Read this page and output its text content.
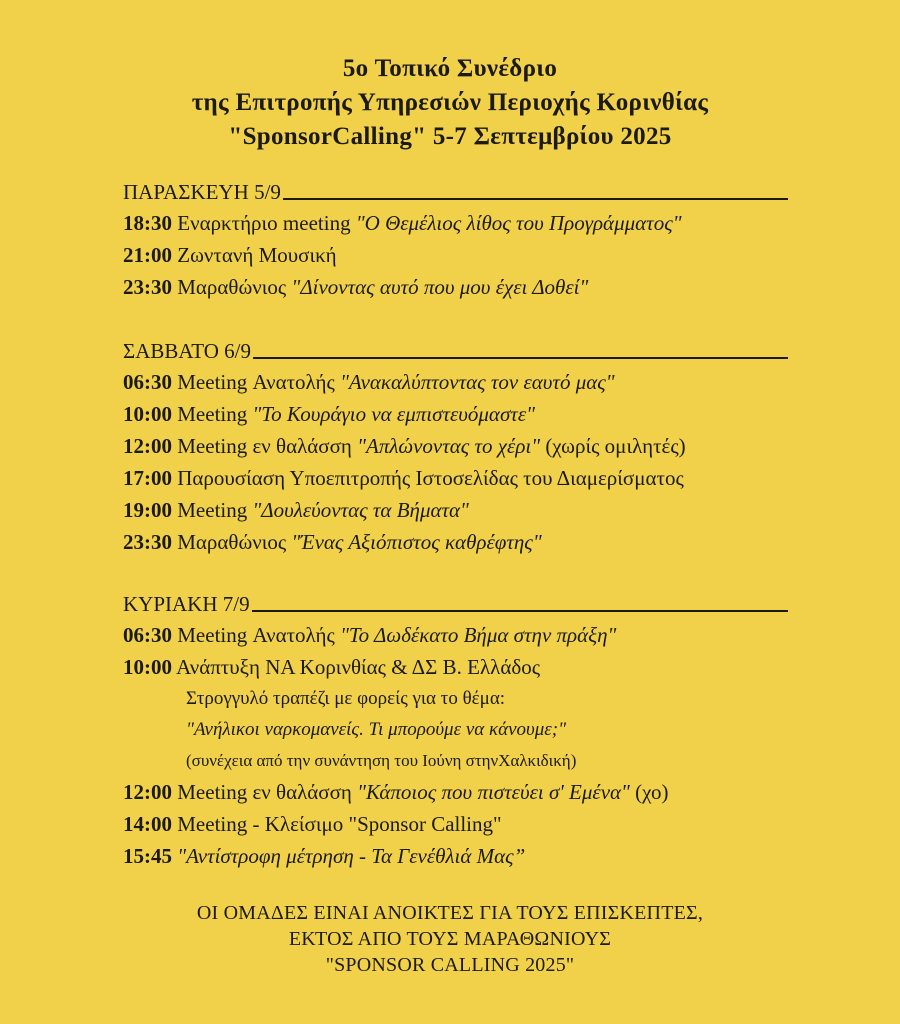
5ο Τοπικό Συνέδριο
της Επιτροπής Υπηρεσιών Περιοχής Κορινθίας
"SponsorCalling" 5-7 Σεπτεμβρίου 2025
ΠΑΡΑΣΚΕΥΗ 5/9
18:30 Εναρκτήριο meeting "Ο Θεμέλιος λίθος του Προγράμματος"
21:00 Ζωντανή Μουσική
23:30 Μαραθώνιος "Δίνοντας αυτό που μου έχει Δοθεί"
ΣΑΒΒΑΤΟ 6/9
06:30 Meeting Ανατολής "Ανακαλύπτοντας τον εαυτό μας"
10:00 Meeting "Το Κουράγιο να εμπιστευόμαστε"
12:00 Meeting εν θαλάσση "Απλώνοντας το χέρι" (χωρίς ομιλητές)
17:00 Παρουσίαση Υποεπιτροπής Ιστοσελίδας του Διαμερίσματος
19:00 Meeting "Δουλεύοντας τα Βήματα"
23:30 Μαραθώνιος "Ένας Αξιόπιστος καθρέφτης"
ΚΥΡΙΑΚΗ 7/9
06:30 Meeting Ανατολής "Το Δωδέκατο Βήμα στην πράξη"
10:00 Ανάπτυξη ΝΑ Κορινθίας & ΔΣ Β. Ελλάδος
Στρογγυλό τραπέζι με φορείς για το θέμα:
"Ανήλικοι ναρκομανείς. Τι μπορούμε να κάνουμε;"
(συνέχεια από την συνάντηση του Ιούνη στηνΧαλκιδική)
12:00 Meeting εν θαλάσση "Κάποιος που πιστεύει σ' Εμένα" (χο)
14:00 Meeting - Κλείσιμο "Sponsor Calling"
15:45 "Αντίστροφη μέτρηση - Τα Γενέθλιά Μας”
ΟΙ ΟΜΑΔΕΣ ΕΙΝΑΙ ΑΝΟΙΚΤΕΣ ΓΙΑ ΤΟΥΣ ΕΠΙΣΚΕΠΤΕΣ,
ΕΚΤΟΣ ΑΠΟ ΤΟΥΣ ΜΑΡΑΘΩΝΙΟΥΣ
"SPONSOR CALLING 2025"
